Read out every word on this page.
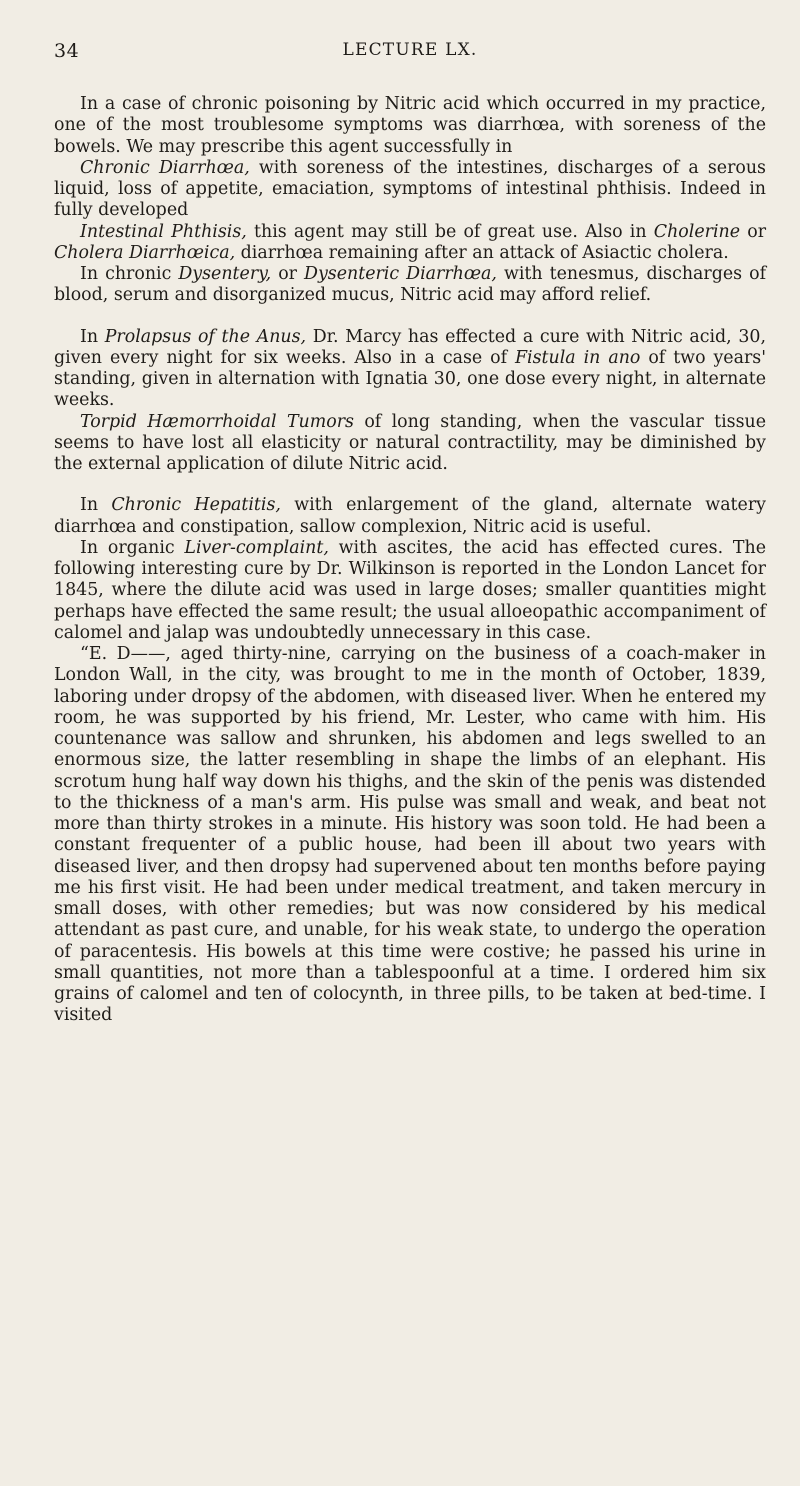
34	LECTURE LX.

In a case of chronic poisoning by Nitric acid which occurred in my practice, one of the most troublesome symptoms was diarrhœa, with soreness of the bowels. We may prescribe this agent successfully in

Chronic Diarrhœa, with soreness of the intestines, discharges of a serous liquid, loss of appetite, emaciation, symptoms of intestinal phthisis. Indeed in fully developed

Intestinal Phthisis, this agent may still be of great use. Also in Cholerine or Cholera Diarrhœica, diarrhœa remaining after an attack of Asiactic cholera.

In chronic Dysentery, or Dysenteric Diarrhœa, with tenesmus, discharges of blood, serum and disorganized mucus, Nitric acid may afford relief.

In Prolapsus of the Anus, Dr. Marcy has effected a cure with Nitric acid, 30, given every night for six weeks. Also in a case of Fistula in ano of two years' standing, given in alternation with Ignatia 30, one dose every night, in alternate weeks.

Torpid Hæmorrhoidal Tumors of long standing, when the vascular tissue seems to have lost all elasticity or natural contractility, may be diminished by the external application of dilute Nitric acid.

In Chronic Hepatitis, with enlargement of the gland, alternate watery diarrhœa and constipation, sallow complexion, Nitric acid is useful.

In organic Liver-complaint, with ascites, the acid has effected cures. The following interesting cure by Dr. Wilkinson is reported in the London Lancet for 1845, where the dilute acid was used in large doses; smaller quantities might perhaps have effected the same result; the usual alloeopathic accompaniment of calomel and jalap was undoubtedly unnecessary in this case.

“E. D——, aged thirty-nine, carrying on the business of a coach-maker in London Wall, in the city, was brought to me in the month of October, 1839, laboring under dropsy of the abdomen, with diseased liver. When he entered my room, he was supported by his friend, Mr. Lester, who came with him. His countenance was sallow and shrunken, his abdomen and legs swelled to an enormous size, the latter resembling in shape the limbs of an elephant. His scrotum hung half way down his thighs, and the skin of the penis was distended to the thickness of a man's arm. His pulse was small and weak, and beat not more than thirty strokes in a minute. His history was soon told. He had been a constant frequenter of a public house, had been ill about two years with diseased liver, and then dropsy had supervened about ten months before paying me his first visit. He had been under medical treatment, and taken mercury in small doses, with other remedies; but was now considered by his medical attendant as past cure, and unable, for his weak state, to undergo the operation of paracentesis. His bowels at this time were costive; he passed his urine in small quantities, not more than a tablespoonful at a time. I ordered him six grains of calomel and ten of colocynth, in three pills, to be taken at bed-time. I visited
